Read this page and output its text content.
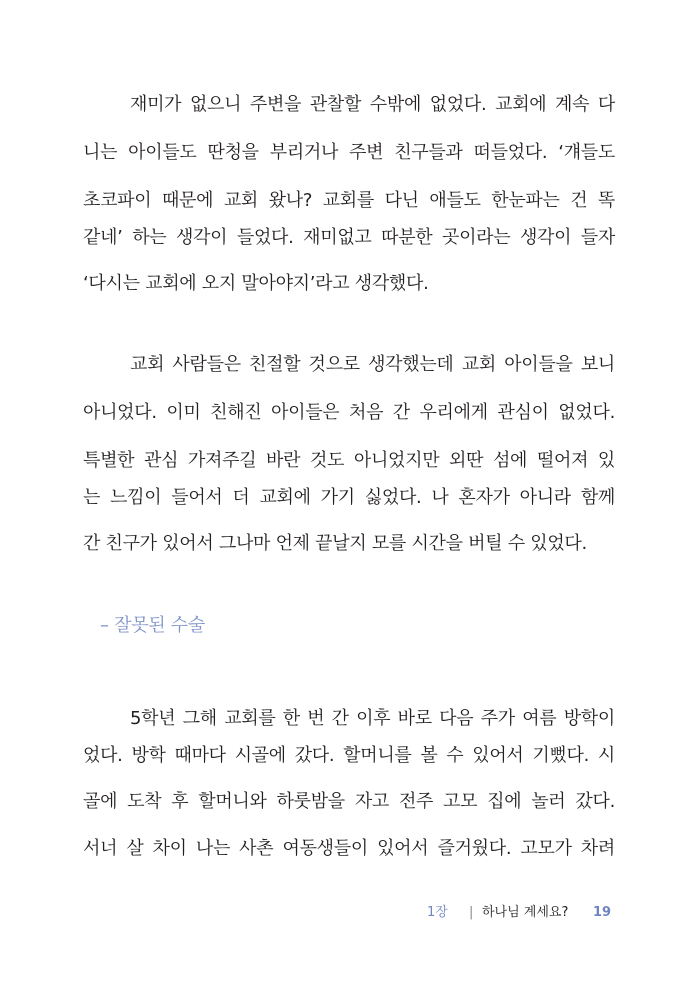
재미가 없으니 주변을 관찰할 수밖에 없었다. 교회에 계속 다
니는 아이들도 딴청을 부리거나 주변 친구들과 떠들었다. ‘걔들도
초코파이 때문에 교회 왔나? 교회를 다닌 애들도 한눈파는 건 똑
같네’ 하는 생각이 들었다. 재미없고 따분한 곳이라는 생각이 들자
‘다시는 교회에 오지 말아야지’라고 생각했다.
교회 사람들은 친절할 것으로 생각했는데 교회 아이들을 보니
아니었다. 이미 친해진 아이들은 처음 간 우리에게 관심이 없었다.
특별한 관심 가져주길 바란 것도 아니었지만 외딴 섬에 떨어져 있
는 느낌이 들어서 더 교회에 가기 싫었다. 나 혼자가 아니라 함께
간 친구가 있어서 그나마 언제 끝날지 모를 시간을 버틸 수 있었다.
– 잘못된 수술
5학년 그해 교회를 한 번 간 이후 바로 다음 주가 여름 방학이
었다. 방학 때마다 시골에 갔다. 할머니를 볼 수 있어서 기뻤다. 시
골에 도착 후 할머니와 하룻밤을 자고 전주 고모 집에 놀러 갔다.
서너 살 차이 나는 사촌 여동생들이 있어서 즐거웠다. 고모가 차려
1장 | 하나님 계세요? 19
